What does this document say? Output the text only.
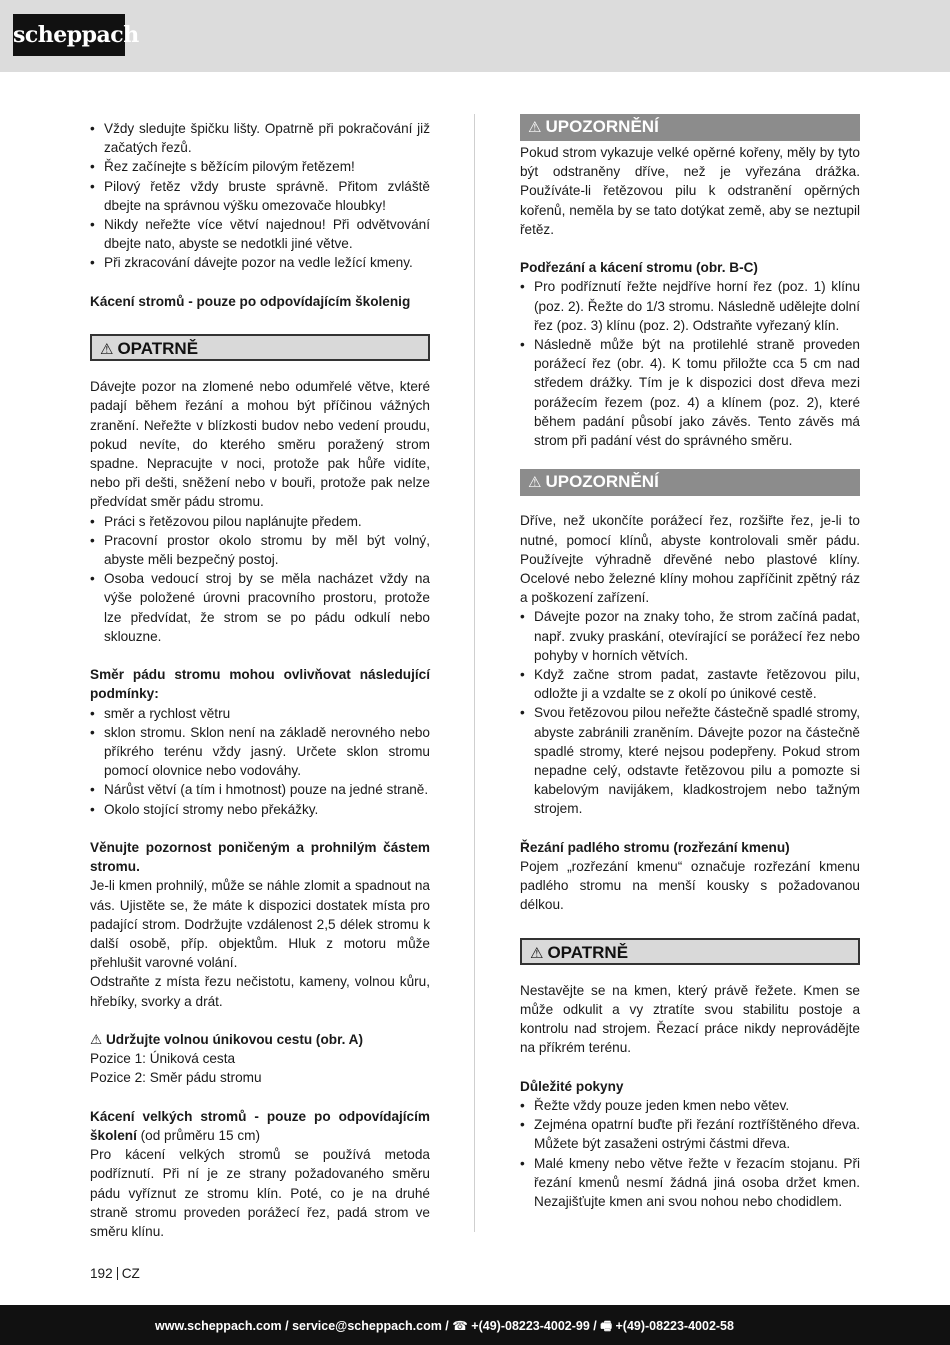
scheppach
• Vždy sledujte špičku lišty. Opatrně při pokračování již začatých řezů.
• Řez začínejte s běžícím pilovým řetězem!
• Pilový řetěz vždy bruste správně. Přitom zvláště dbejte na správnou výšku omezovače hloubky!
• Nikdy neřežte více větví najednou! Při odvětvování dbejte nato, abyste se nedotkli jiné větve.
• Při zkracování dávejte pozor na vedle ležící kmeny.

Kácení stromů - pouze po odpovídajícím školenig

⚠ OPATRNĚ

Dávejte pozor na zlomené nebo odumřelé větve, které padají během řezání a mohou být příčinou vážných zranění. Neřežte v blízkosti budov nebo vedení proudu, pokud nevíte, do kterého směru poražený strom spadne. Nepracujte v noci, protože pak hůře vidíte, nebo při dešti, sněžení nebo v bouři, protože pak nelze předvídat směr pádu stromu.

• Práci s řetězovou pilou naplánujte předem.
• Pracovní prostor okolo stromu by měl být volný, abyste měli bezpečný postoj.
• Osoba vedoucí stroj by se měla nacházet vždy na výše položené úrovni pracovního prostoru, protože lze předvídat, že strom se po pádu odkulí nebo sklouzne.

Směr pádu stromu mohou ovlivňovat následující podmínky:

• směr a rychlost větru
• sklon stromu. Sklon není na základě nerovného nebo příkrého terénu vždy jasný. Určete sklon stromu pomocí olovnice nebo vodováhy.
• Nárůst větví (a tím i hmotnost) pouze na jedné straně.
• Okolo stojící stromy nebo překážky.

Věnujte pozornost poničeným a prohnilým částem stromu.

Je-li kmen prohnilý, může se náhle zlomit a spadnout na vás. Ujistěte se, že máte k dispozici dostatek místa pro padající strom. Dodržujte vzdálenost 2,5 délek stromu k další osobě, příp. objektům. Hluk z motoru může přehlušit varovné volání.

Odstraňte z místa řezu nečistotu, kameny, volnou kůru, hřebíky, svorky a drát.

⚠ Udržujte volnou únikovou cestu (obr. A)

Pozice 1: Úniková cesta

Pozice 2: Směr pádu stromu

Kácení velkých stromů - pouze po odpovídajícím školení (od průměru 15 cm)

Pro kácení velkých stromů se používá metoda podříznutí. Při ní je ze strany požadovaného směru pádu vyříznut ze stromu klín. Poté, co je na druhé straně stromu proveden porážecí řez, padá strom ve směru klínu.

⚠ UPOZORNĚNÍ

Pokud strom vykazuje velké opěrné kořeny, měly by tyto být odstraněny dříve, než je vyřezána drážka. Používáte-li řetězovou pilu k odstranění opěrných kořenů, neměla by se tato dotýkat země, aby se neztupil řetěz.

Podřezání a kácení stromu (obr. B-C)

• Pro podříznutí řežte nejdříve horní řez (poz. 1) klínu (poz. 2). Řežte do 1/3 stromu. Následně udělejte dolní řez (poz. 3) klínu (poz. 2). Odstraňte vyřezaný klín.
• Následně může být na protilehlé straně proveden porážecí řez (obr. 4). K tomu přiložte cca 5 cm nad středem drážky. Tím je k dispozici dost dřeva mezi porážecím řezem (poz. 4) a klínem (poz. 2), které během padání působí jako závěs. Tento závěs má strom při padání vést do správného směru.
⚠ UPOZORNĚNÍ

Dříve, než ukončíte porážecí řez, rozšiřte řez, je-li to nutné, pomocí klínů, abyste kontrolovali směr pádu. Používejte výhradně dřevěné nebo plastové klíny. Ocelové nebo železné klíny mohou zapříčinit zpětný ráz a poškození zařízení.

• Dávejte pozor na znaky toho, že strom začíná padat, např. zvuky praskání, otevírající se porážecí řez nebo pohyby v horních větvích.
• Když začne strom padat, zastavte řetězovou pilu, odložte ji a vzdalte se z okolí po únikové cestě.
• Svou řetězovou pilou neřežte částečně spadlé stromy, abyste zabránili zraněním. Dávejte pozor na částečně spadlé stromy, které nejsou podepřeny. Pokud strom nepadne celý, odstavte řetězovou pilu a pomozte si kabelovým navijákem, kladkostrojem nebo tažným strojem.

Řezání padlého stromu (rozřezání kmenu)

Pojem „rozřezání kmenu“ označuje rozřezání kmenu padlého stromu na menší kousky s požadovanou délkou.

⚠ OPATRNĚ

Nestavějte se na kmen, který právě řežete. Kmen se může odkulit a vy ztratíte svou stabilitu postoje a kontrolu nad strojem. Řezací práce nikdy neprovádějte na příkrém terénu.

Důležité pokyny

• Řežte vždy pouze jeden kmen nebo větev.
• Zejména opatrní buďte při řezání roztříštěného dřeva. Můžete být zasaženi ostrými částmi dřeva.
• Malé kmeny nebo větve řežte v řezacím stojanu. Při řezání kmenů nesmí žádná jiná osoba držet kmen. Nezajišťujte kmen ani svou nohou nebo chodidlem.
192 CZ
www.scheppach.com / service@scheppach.com / ☎ +(49)-08223-4002-99 / 🖷 +(49)-08223-4002-58
